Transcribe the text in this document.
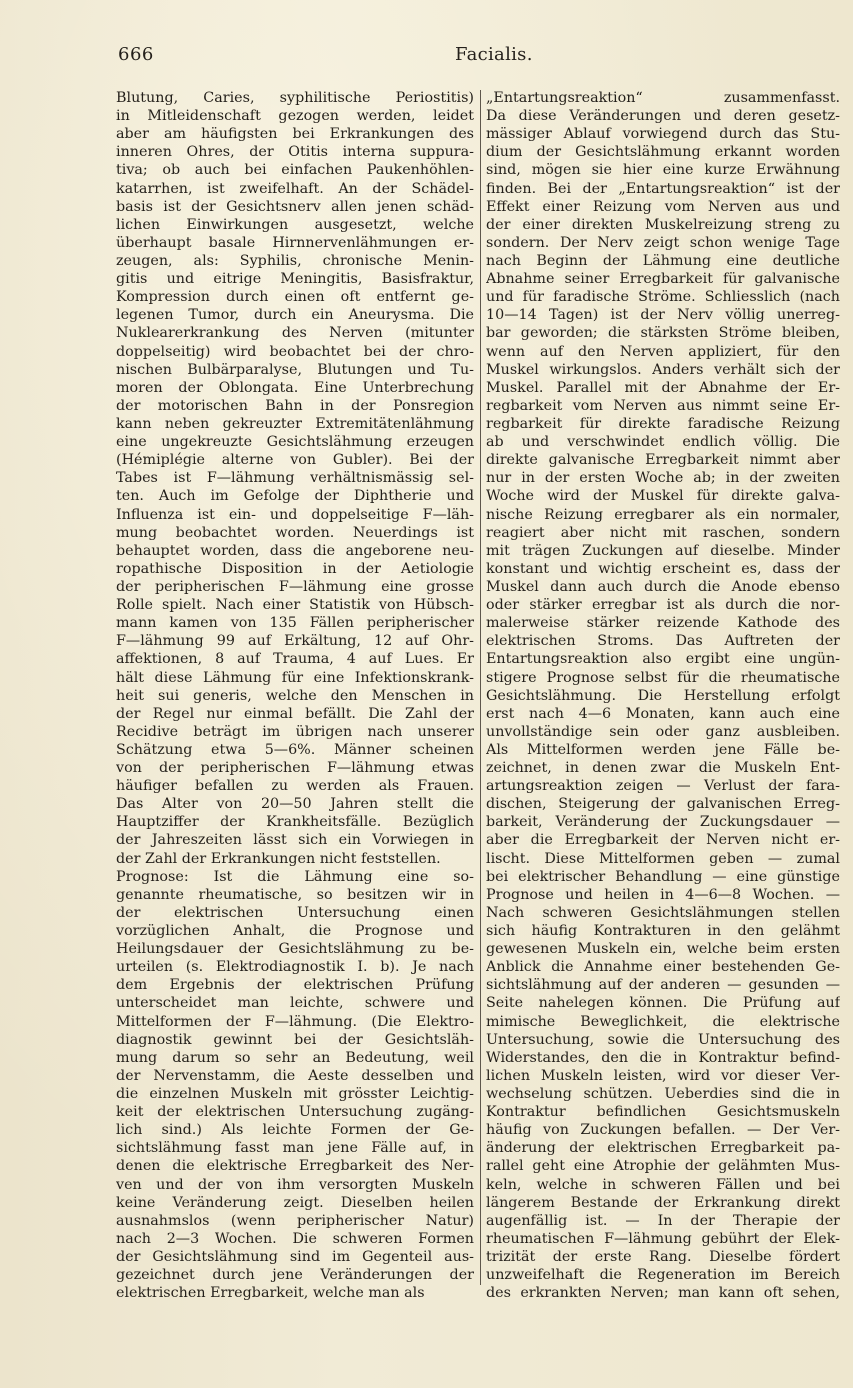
666	Facialis.
Blutung, Caries, syphilitische Periostitis)
in Mitleidenschaft gezogen werden, leidet
aber am häufigsten bei Erkrankungen des
inneren Ohres, der Otitis interna suppura-
tiva; ob auch bei einfachen Paukenhöhlen-
katarrhen, ist zweifelhaft. An der Schädel-
basis ist der Gesichtsnerv allen jenen schäd-
lichen Einwirkungen ausgesetzt, welche
überhaupt basale Hirnnervenlähmungen er-
zeugen, als: Syphilis, chronische Menin-
gitis und eitrige Meningitis, Basisfraktur,
Kompression durch einen oft entfernt ge-
legenen Tumor, durch ein Aneurysma. Die
Nuklearerkrankung des Nerven (mitunter
doppelseitig) wird beobachtet bei der chro-
nischen Bulbärparalyse, Blutungen und Tu-
moren der Oblongata. Eine Unterbrechung
der motorischen Bahn in der Ponsregion
kann neben gekreuzter Extremitätenlähmung
eine ungekreuzte Gesichtslähmung erzeugen
(Hémiplégie alterne von Gubler). Bei der
Tabes ist F—lähmung verhältnismässig sel-
ten. Auch im Gefolge der Diphtherie und
Influenza ist ein- und doppelseitige F—läh-
mung beobachtet worden. Neuerdings ist
behauptet worden, dass die angeborene neu-
ropathische Disposition in der Aetiologie
der peripherischen F—lähmung eine grosse
Rolle spielt. Nach einer Statistik von Hübsch-
mann kamen von 135 Fällen peripherischer
F—lähmung 99 auf Erkältung, 12 auf Ohr-
affektionen, 8 auf Trauma, 4 auf Lues. Er
hält diese Lähmung für eine Infektionskrank-
heit sui generis, welche den Menschen in
der Regel nur einmal befällt. Die Zahl der
Recidive beträgt im übrigen nach unserer
Schätzung etwa 5—6%. Männer scheinen
von der peripherischen F—lähmung etwas
häufiger befallen zu werden als Frauen.
Das Alter von 20—50 Jahren stellt die
Hauptziffer der Krankheitsfälle. Bezüglich
der Jahreszeiten lässt sich ein Vorwiegen in
der Zahl der Erkrankungen nicht feststellen.
Prognose: Ist die Lähmung eine so-
genannte rheumatische, so besitzen wir in
der elektrischen Untersuchung einen
vorzüglichen Anhalt, die Prognose und
Heilungsdauer der Gesichtslähmung zu be-
urteilen (s. Elektrodiagnostik I. b). Je nach
dem Ergebnis der elektrischen Prüfung
unterscheidet man leichte, schwere und
Mittelformen der F—lähmung. (Die Elektro-
diagnostik gewinnt bei der Gesichtsläh-
mung darum so sehr an Bedeutung, weil
der Nervenstamm, die Aeste desselben und
die einzelnen Muskeln mit grösster Leichtig-
keit der elektrischen Untersuchung zugäng-
lich sind.) Als leichte Formen der Ge-
sichtslähmung fasst man jene Fälle auf, in
denen die elektrische Erregbarkeit des Ner-
ven und der von ihm versorgten Muskeln
keine Veränderung zeigt. Dieselben heilen
ausnahmslos (wenn peripherischer Natur)
nach 2—3 Wochen. Die schweren Formen
der Gesichtslähmung sind im Gegenteil aus-
gezeichnet durch jene Veränderungen der
elektrischen Erregbarkeit, welche man als
„Entartungsreaktion“ zusammenfasst.
Da diese Veränderungen und deren gesetz-
mässiger Ablauf vorwiegend durch das Stu-
dium der Gesichtslähmung erkannt worden
sind, mögen sie hier eine kurze Erwähnung
finden. Bei der „Entartungsreaktion“ ist der
Effekt einer Reizung vom Nerven aus und
der einer direkten Muskelreizung streng zu
sondern. Der Nerv zeigt schon wenige Tage
nach Beginn der Lähmung eine deutliche
Abnahme seiner Erregbarkeit für galvanische
und für faradische Ströme. Schliesslich (nach
10—14 Tagen) ist der Nerv völlig unerreg-
bar geworden; die stärksten Ströme bleiben,
wenn auf den Nerven appliziert, für den
Muskel wirkungslos. Anders verhält sich der
Muskel. Parallel mit der Abnahme der Er-
regbarkeit vom Nerven aus nimmt seine Er-
regbarkeit für direkte faradische Reizung
ab und verschwindet endlich völlig. Die
direkte galvanische Erregbarkeit nimmt aber
nur in der ersten Woche ab; in der zweiten
Woche wird der Muskel für direkte galva-
nische Reizung erregbarer als ein normaler,
reagiert aber nicht mit raschen, sondern
mit trägen Zuckungen auf dieselbe. Minder
konstant und wichtig erscheint es, dass der
Muskel dann auch durch die Anode ebenso
oder stärker erregbar ist als durch die nor-
malerweise stärker reizende Kathode des
elektrischen Stroms. Das Auftreten der
Entartungsreaktion also ergibt eine ungün-
stigere Prognose selbst für die rheumatische
Gesichtslähmung. Die Herstellung erfolgt
erst nach 4—6 Monaten, kann auch eine
unvollständige sein oder ganz ausbleiben.
Als Mittelformen werden jene Fälle be-
zeichnet, in denen zwar die Muskeln Ent-
artungsreaktion zeigen — Verlust der fara-
dischen, Steigerung der galvanischen Erreg-
barkeit, Veränderung der Zuckungsdauer —
aber die Erregbarkeit der Nerven nicht er-
lischt. Diese Mittelformen geben — zumal
bei elektrischer Behandlung — eine günstige
Prognose und heilen in 4—6—8 Wochen. —
Nach schweren Gesichtslähmungen stellen
sich häufig Kontrakturen in den gelähmt
gewesenen Muskeln ein, welche beim ersten
Anblick die Annahme einer bestehenden Ge-
sichtslähmung auf der anderen — gesunden —
Seite nahelegen können. Die Prüfung auf
mimische Beweglichkeit, die elektrische
Untersuchung, sowie die Untersuchung des
Widerstandes, den die in Kontraktur befind-
lichen Muskeln leisten, wird vor dieser Ver-
wechselung schützen. Ueberdies sind die in
Kontraktur befindlichen Gesichtsmuskeln
häufig von Zuckungen befallen. — Der Ver-
änderung der elektrischen Erregbarkeit pa-
rallel geht eine Atrophie der gelähmten Mus-
keln, welche in schweren Fällen und bei
längerem Bestande der Erkrankung direkt
augenfällig ist. — In der Therapie der
rheumatischen F—lähmung gebührt der Elek-
trizität der erste Rang. Dieselbe fördert
unzweifelhaft die Regeneration im Bereich
des erkrankten Nerven; man kann oft sehen,
